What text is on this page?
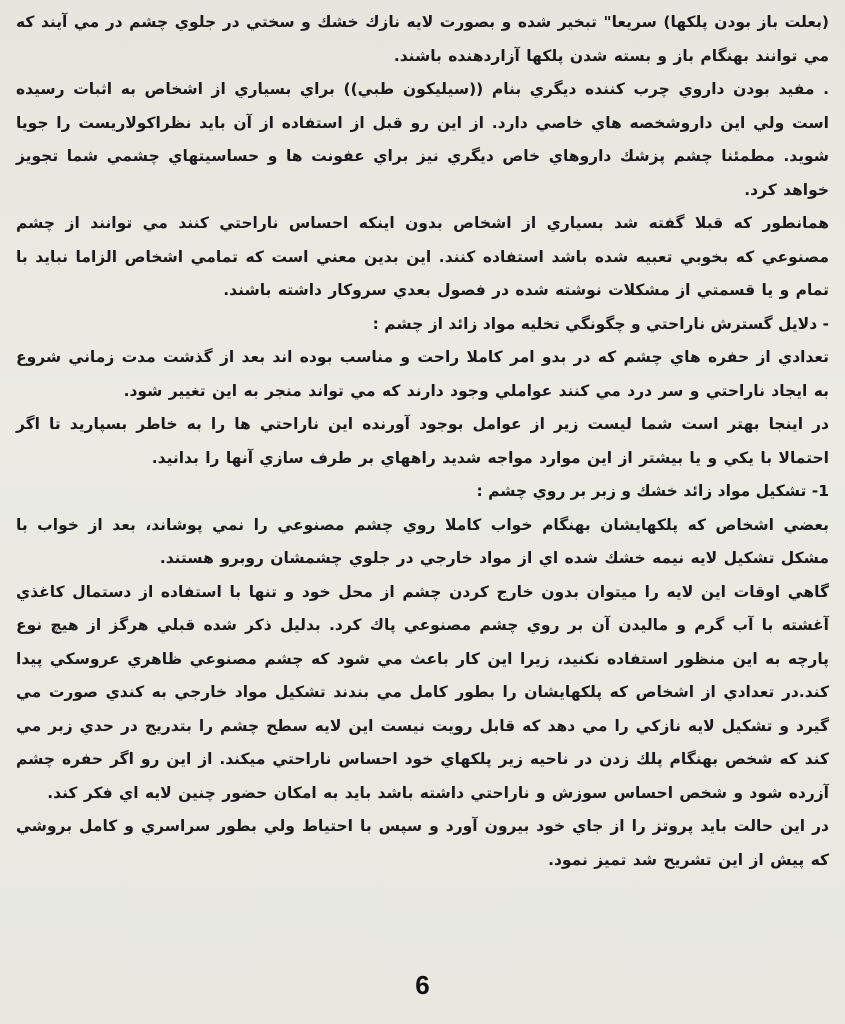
(بعلت باز بودن پلکها) سریعا" تبخیر شده و بصورت لایه نازك خشك و سختي در جلوي چشم در مي آيند که مي توانند بهنگام باز و بسته شدن پلکها آزاردهنده باشند.

. مفيد بودن داروي چرب کننده ديگري بنام ((سيليکون طبي)) براي بسياري از اشخاص به اثبات رسيده است ولي اين داروشخصه هاي خاصي دارد. از اين رو قبل از استفاده از آن بايد نظراکولاريست را جويا شويد. مطمئنا چشم پزشك داروهاي خاص ديگري نيز براي عفونت ها و حساسيتهاي چشمي شما تجويز خواهد کرد.

همانطور که قبلا گفته شد بسياري از اشخاص بدون اينکه احساس ناراحتي کنند مي توانند از چشم مصنوعي که بخوبي تعبيه شده باشد استفاده کنند. اين بدين معني است که تمامي اشخاص الزاما نبايد با تمام و يا قسمتي از مشکلات نوشته شده در فصول بعدي سروکار داشته باشند.

- دلايل گسترش ناراحتي و چگونگي تخليه مواد زائد از چشم :

تعدادي از حفره هاي چشم که در بدو امر کاملا راحت و مناسب بوده اند بعد از گذشت مدت زماني شروع به ايجاد ناراحتي و سر درد مي کنند عواملي وجود دارند که مي تواند منجر به اين تغيير شود.

در اينجا بهتر است شما ليست زير از عوامل بوجود آورنده اين ناراحتي ها را به خاطر بسپاريد تا اگر احتمالا با يکي و يا بيشتر از اين موارد مواجه شديد راههاي بر طرف سازي آنها را بدانيد.

1- تشکيل مواد زائد خشك و زبر بر روي چشم :

بعضي اشخاص که پلکهايشان بهنگام خواب کاملا روي چشم مصنوعي را نمي پوشاند، بعد از خواب با مشکل تشکيل لايه نيمه خشك شده اي از مواد خارجي در جلوي چشمشان روبرو هستند.

گاهي اوقات اين لايه را ميتوان بدون خارج کردن چشم از محل خود و تنها با استفاده از دستمال کاغذي آغشته با آب گرم و ماليدن آن بر روي چشم مصنوعي پاك کرد. بدليل ذکر شده قبلي هرگز از هيچ نوع پارچه به اين منظور استفاده نکنيد، زيرا اين کار باعث مي شود که چشم مصنوعي ظاهري عروسکي پيدا کند.در تعدادي از اشخاص که پلکهايشان را بطور کامل مي بندند تشکيل مواد خارجي به کندي صورت مي گيرد و تشکيل لايه نازکي را مي دهد که قابل رويت نيست اين لايه سطح چشم را بتدريج در حدي زبر مي کند که شخص بهنگام پلك زدن در ناحيه زير پلکهاي خود احساس ناراحتي ميکند. از اين رو اگر حفره چشم آزرده شود و شخص احساس سوزش و ناراحتي داشته باشد بايد به امکان حضور چنين لايه اي فکر کند.

در اين حالت بايد پروتز را از جاي خود بيرون آورد و سپس با احتياط ولي بطور سراسري و کامل بروشي که پيش از اين تشريح شد تميز نمود.

6
